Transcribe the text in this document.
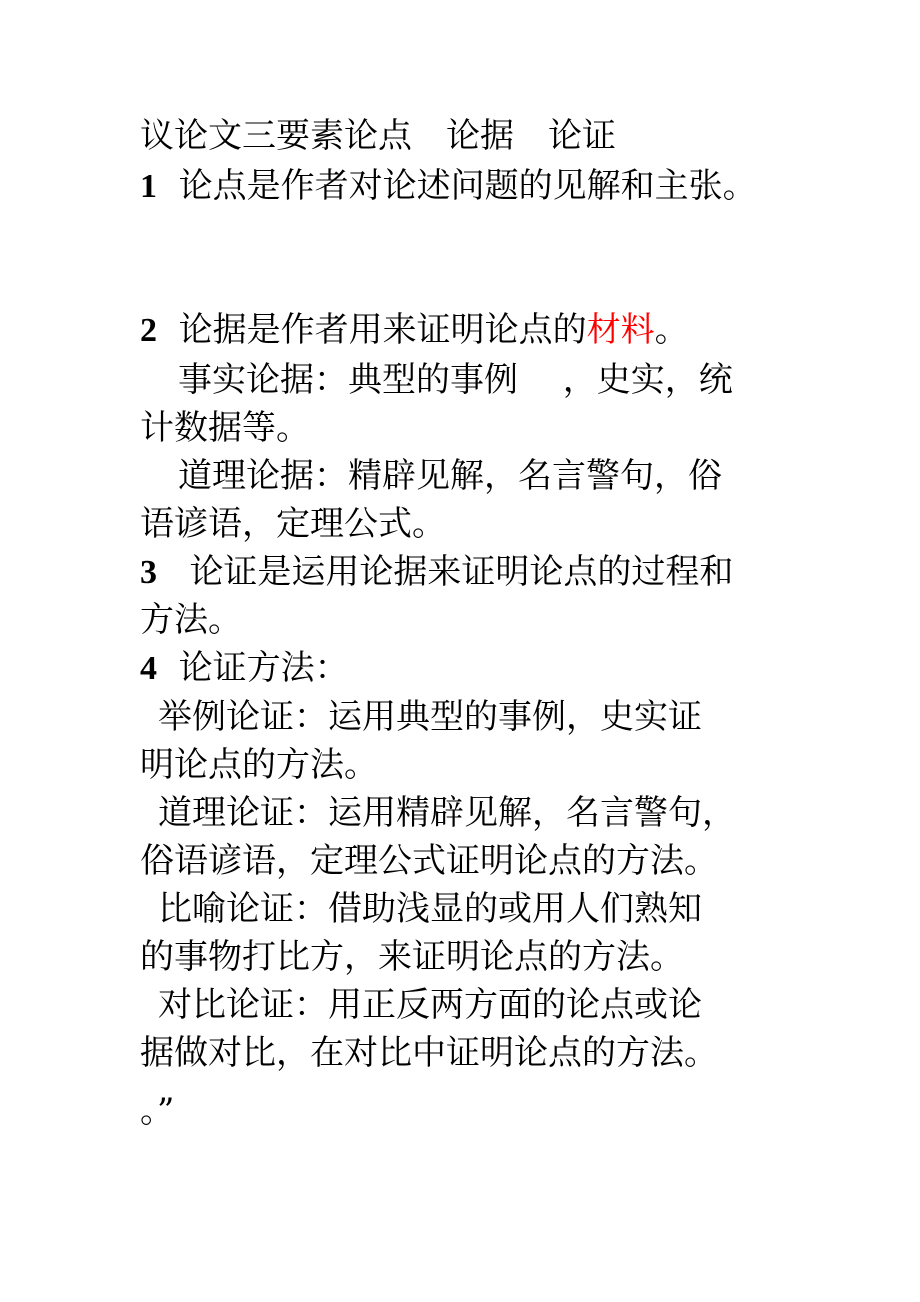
议论文三要素论点　论据　论证
1 论点是作者对论述问题的见解和主张。
2 论据是作者用来证明论点的材料。
事实论据：典型的事例　 ，史实，统
计数据等。
道理论据：精辟见解，名言警句，俗
语谚语，定理公式。
3 论证是运用论据来证明论点的过程和
方法。
4 论证方法：
举例论证：运用典型的事例，史实证
明论点的方法。
道理论证：运用精辟见解，名言警句，
俗语谚语，定理公式证明论点的方法。
比喻论证：借助浅显的或用人们熟知
的事物打比方，来证明论点的方法。
对比论证：用正反两方面的论点或论
据做对比，在对比中证明论点的方法。
。”
